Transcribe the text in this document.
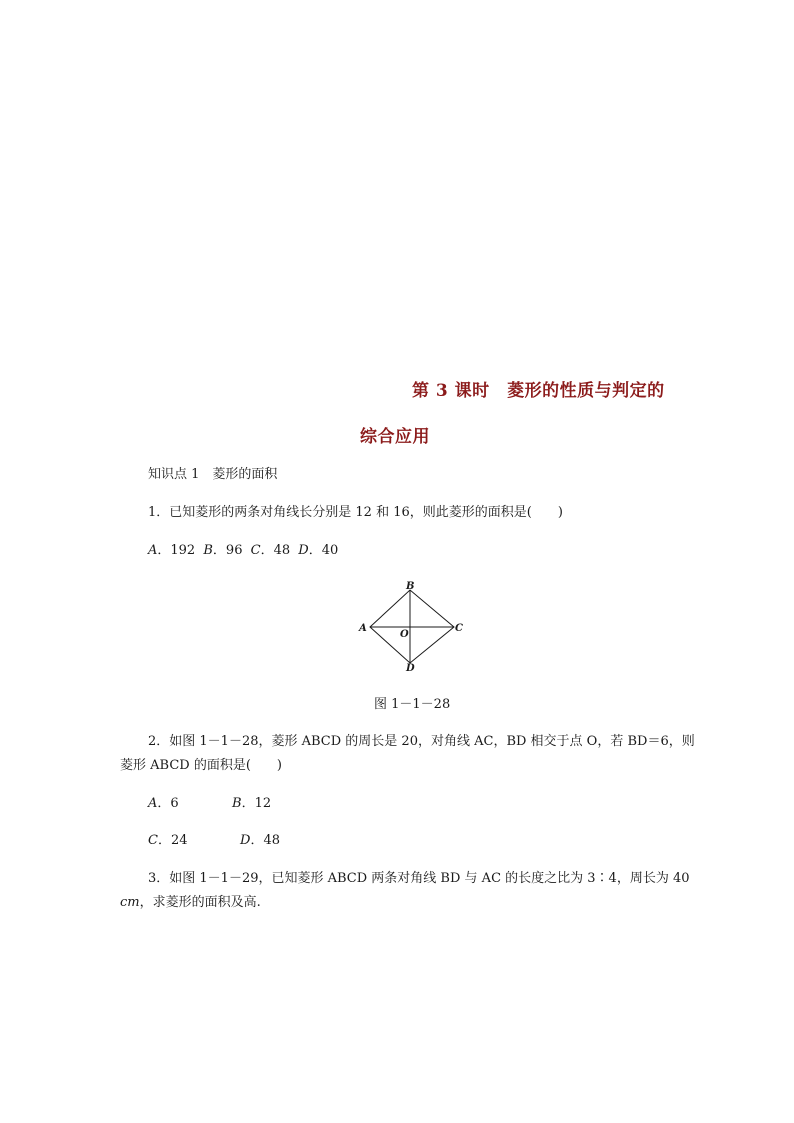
第 3 课时　菱形的性质与判定的
综合应用
知识点 1　菱形的面积
1．已知菱形的两条对角线长分别是 12 和 16，则此菱形的面积是(　　)
A．192 B．96 C．48 D．40
A
B
C
D
O
图 1－1－28
2．如图 1－1－28，菱形 ABCD 的周长是 20，对角线 AC，BD 相交于点 O，若 BD＝6，则
菱形 ABCD 的面积是(　　)
A．6	B．12
C．24	D．48
3．如图 1－1－29，已知菱形 ABCD 两条对角线 BD 与 AC 的长度之比为 3∶4，周长为 40
cm，求菱形的面积及高.
